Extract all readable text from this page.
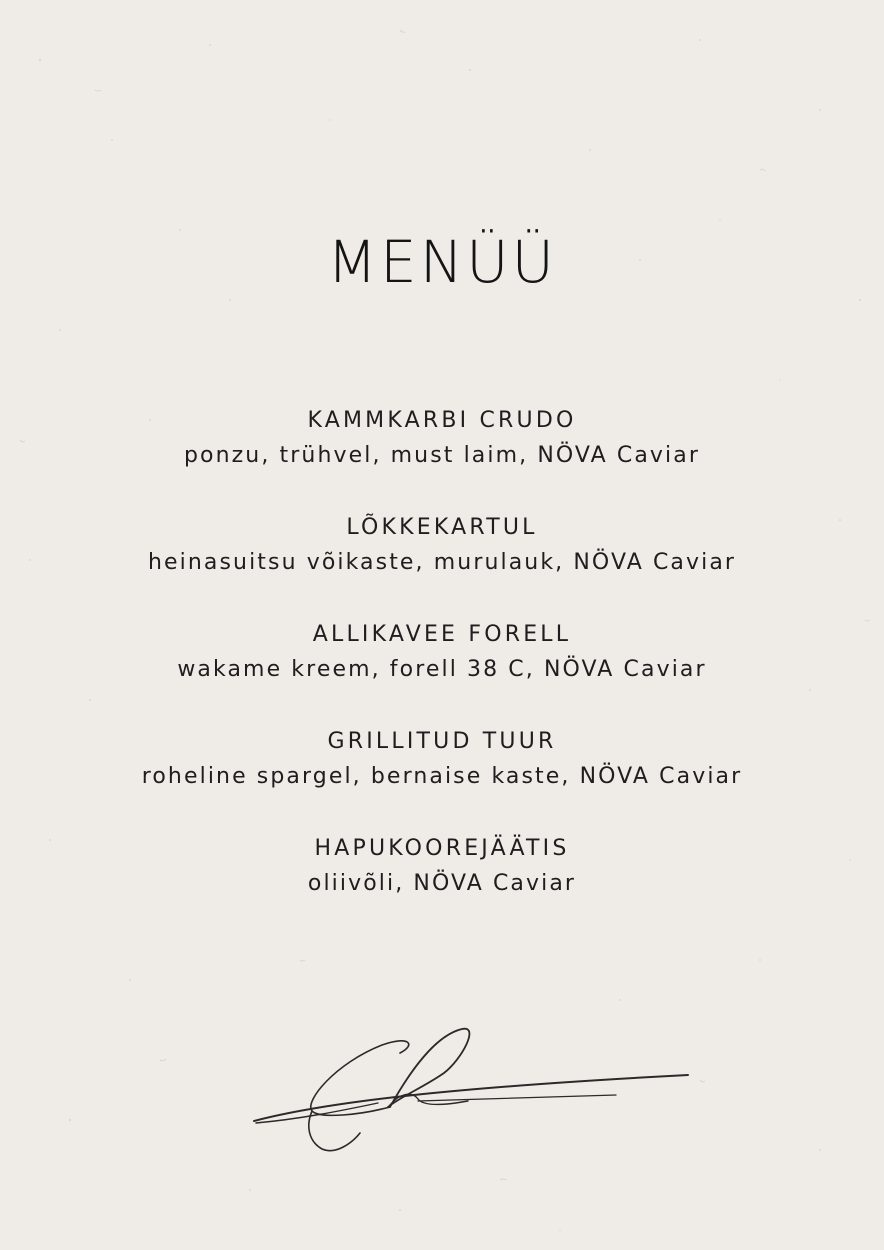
MENÜÜ
KAMMKARBI CRUDO
ponzu, trühvel, must laim, NÖVA Caviar
LÕKKEKARTUL
heinasuitsu võikaste, murulauk, NÖVA Caviar
ALLIKAVEE FORELL
wakame kreem, forell 38 C, NÖVA Caviar
GRILLITUD TUUR
roheline spargel, bernaise kaste, NÖVA Caviar
HAPUKOOREJÄÄTIS
oliivõli, NÖVA Caviar
